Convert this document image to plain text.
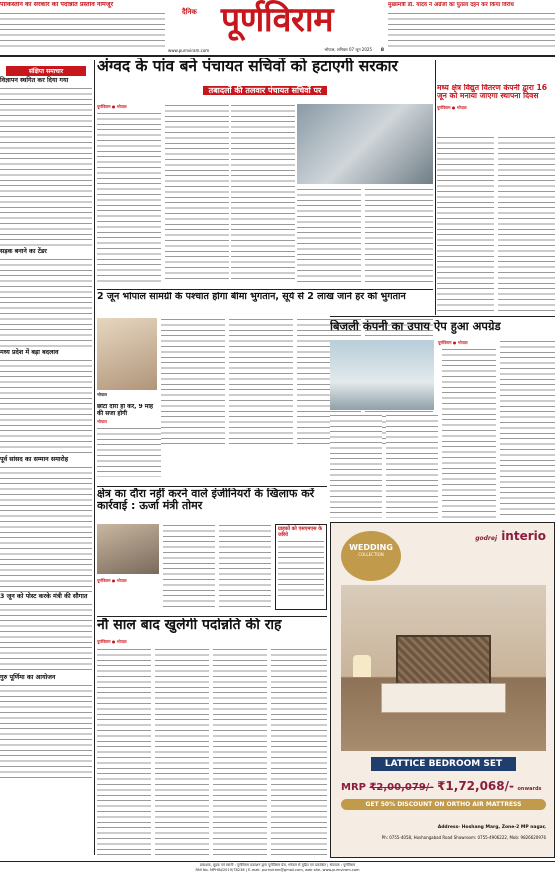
पाकिस्तान को सरकार का पदोन्नति प्रस्ताव नामंजूर
दैनिक पूर्णविराम
www.purnviram.com	भोपाल, शनिवार 07 जून 2025 8
मुख्यमंत्री डॉ. यादव ने अंग्रेजों का पुतला दहन कर किया विरोध
संक्षिप्त समाचार
विज्ञापन स्थगित कर दिया गया
सड़क बनाने का टेंडर
मध्य प्रदेश में बड़ा बदलाव
पूर्व सांसद का सम्मान समारोह
3 जून को पोस्ट करके मंत्री की सौगात
गुरु पूर्णिमा का आयोजन
अंग्वद के पांव बने पंचायत सचिवों को हटाएगी सरकार
तबादलों की तलवार पंचायत सचिवों पर
पूर्णविराम ● भोपाल
मध्य क्षेत्र विद्युत वितरण कंपनी द्वारा 16 जून को मनाया जाएगा स्थापना दिवस
पूर्णविराम ● भोपाल
2 जून भोपाल सामग्री के पश्चात होगा बीमा भुगतान, सूर्य से 2 लाख जानें हर को भुगतान
भोपाल
छोटा दौरा ही करें, 9 माह की सजा होगी
भोपाल
बिजली कंपनी का उपाय ऐप हुआ अपग्रेड
पूर्णविराम ● भोपाल
क्षेत्र का दौरा नहीं करने वाले इंजीनियरों के खिलाफ करें कार्रवाई : ऊर्जा मंत्री तोमर
पूर्णविराम ● भोपाल
ग्राहकों को एसएमएस के जरिये
नौ साल बाद खुलेगी पदोन्नति की राह
पूर्णविराम ● भोपाल
godrej interio
WEDDING
COLLECTION
LATTICE BEDROOM SET
MRP ₹2,00,079/- ₹1,72,068/- onwards
GET 50% DISCOUNT ON ORTHO AIR MATTRESS
Address- Hoshang Marg, Zone-2 MP nagar,
Ph: 0755-4058, Hoshangabad Road Showroom: 0755-4906222, Mob: 9826620976
प्रकाशक, मुद्रक एवं स्वामी : पूर्णविराम प्रकाशन द्वारा पूर्णविराम प्रेस, भोपाल से मुद्रित एवं प्रकाशित | संपादक : पूर्णविराम
RNI No. MPHIN/2019/78236 | E-mail: purnviram@gmail.com, web site- www.purnviram.com
